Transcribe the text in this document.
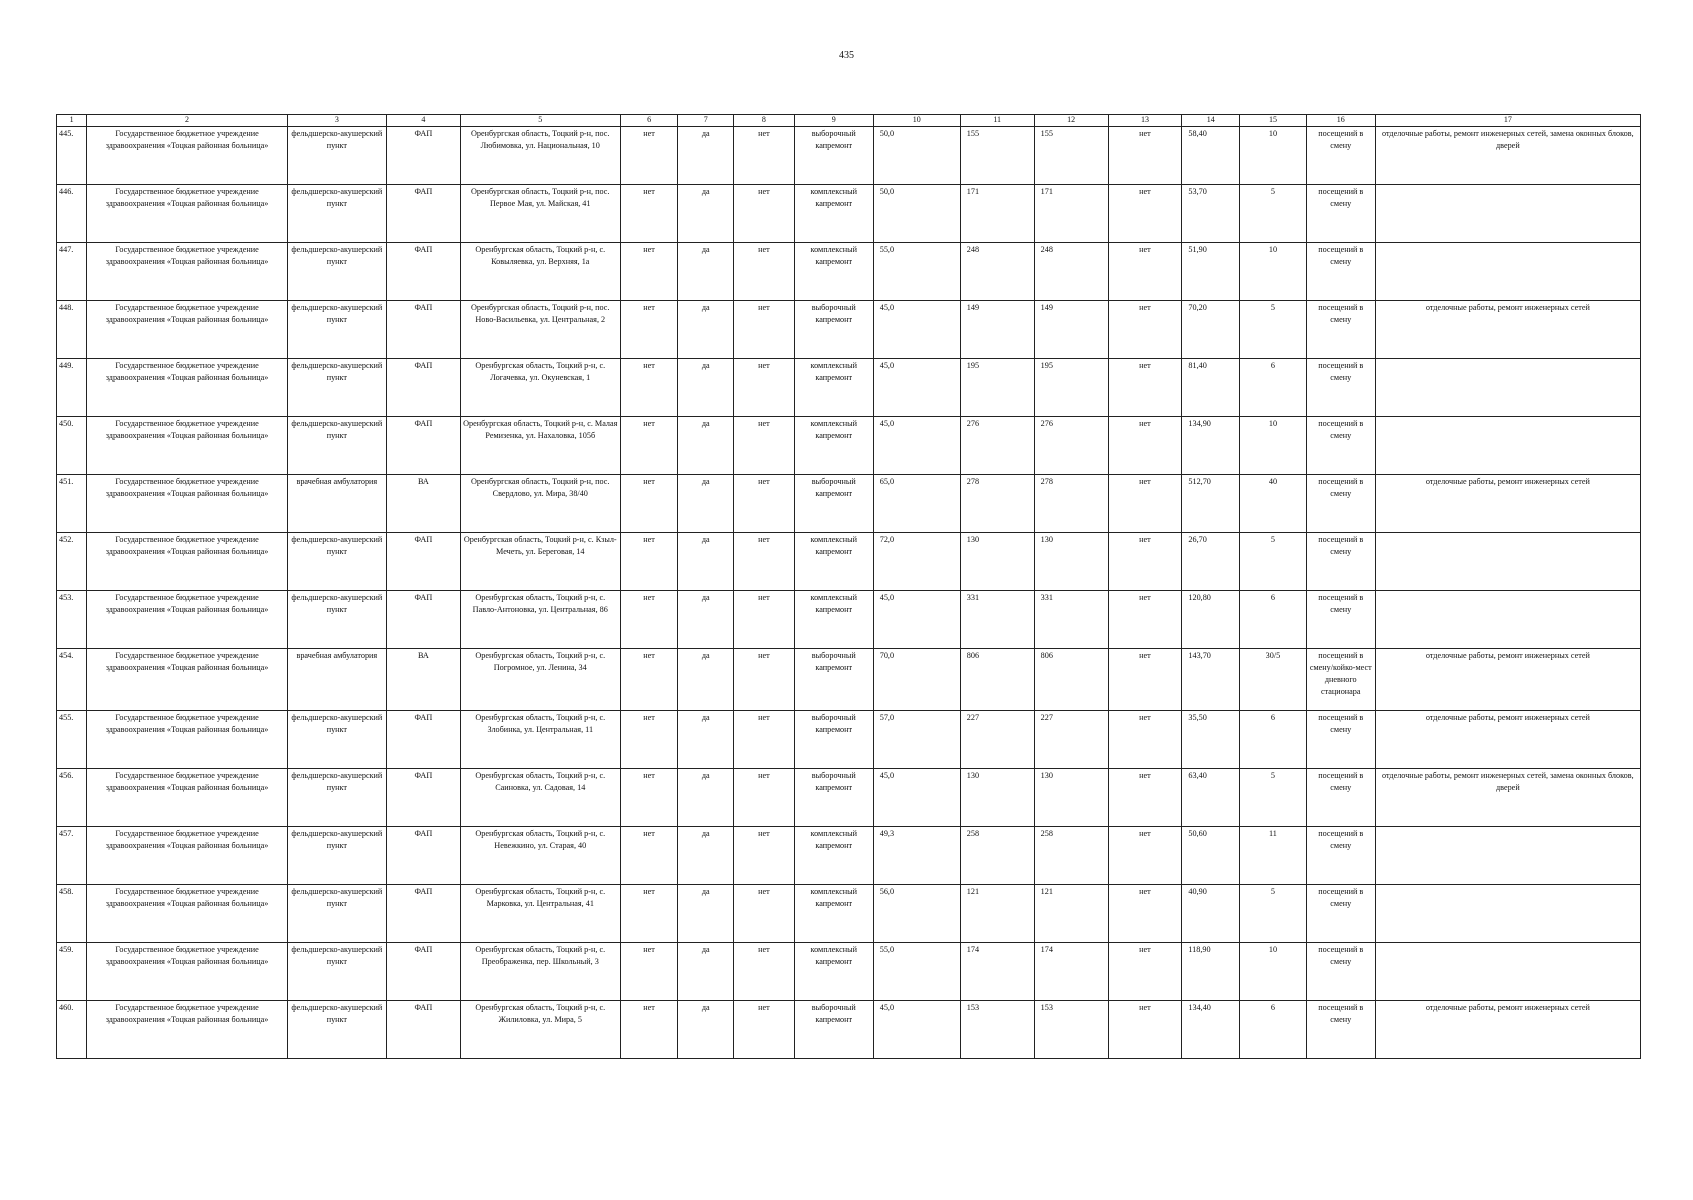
435
1	2	3	4	5	6	7	8	9	10	11	12	13	14	15	16	17
445.	Государственное бюджетное учреждение здравоохранения «Тоцкая районная больница»	фельдшерско-акушерский пункт	ФАП	Оренбургская область, Тоцкий р-н, пос. Любимовка, ул. Национальная, 10	нет	да	нет	выборочный капремонт	50,0	155	155	нет	58,40	10	посещений в смену	отделочные работы, ремонт инженерных сетей, замена оконных блоков, дверей
446.	Государственное бюджетное учреждение здравоохранения «Тоцкая районная больница»	фельдшерско-акушерский пункт	ФАП	Оренбургская область, Тоцкий р-н, пос. Первое Мая, ул. Майская, 41	нет	да	нет	комплексный капремонт	50,0	171	171	нет	53,70	5	посещений в смену	
447.	Государственное бюджетное учреждение здравоохранения «Тоцкая районная больница»	фельдшерско-акушерский пункт	ФАП	Оренбургская область, Тоцкий р-н, с. Ковыляевка, ул. Верхняя, 1а	нет	да	нет	комплексный капремонт	55,0	248	248	нет	51,90	10	посещений в смену	
448.	Государственное бюджетное учреждение здравоохранения «Тоцкая районная больница»	фельдшерско-акушерский пункт	ФАП	Оренбургская область, Тоцкий р-н, пос. Ново-Васильевка, ул. Центральная, 2	нет	да	нет	выборочный капремонт	45,0	149	149	нет	70,20	5	посещений в смену	отделочные работы, ремонт инженерных сетей
449.	Государственное бюджетное учреждение здравоохранения «Тоцкая районная больница»	фельдшерско-акушерский пункт	ФАП	Оренбургская область, Тоцкий р-н, с. Логачевка, ул. Окуневская, 1	нет	да	нет	комплексный капремонт	45,0	195	195	нет	81,40	6	посещений в смену	
450.	Государственное бюджетное учреждение здравоохранения «Тоцкая районная больница»	фельдшерско-акушерский пункт	ФАП	Оренбургская область, Тоцкий р-н, с. Малая Ремизенка, ул. Нахаловка, 105б	нет	да	нет	комплексный капремонт	45,0	276	276	нет	134,90	10	посещений в смену	
451.	Государственное бюджетное учреждение здравоохранения «Тоцкая районная больница»	врачебная амбулатория	ВА	Оренбургская область, Тоцкий р-н, пос. Свердлово, ул. Мира, 38/40	нет	да	нет	выборочный капремонт	65,0	278	278	нет	512,70	40	посещений в смену	отделочные работы, ремонт инженерных сетей
452.	Государственное бюджетное учреждение здравоохранения «Тоцкая районная больница»	фельдшерско-акушерский пункт	ФАП	Оренбургская область, Тоцкий р-н, с. Кзыл-Мечеть, ул. Береговая, 14	нет	да	нет	комплексный капремонт	72,0	130	130	нет	26,70	5	посещений в смену	
453.	Государственное бюджетное учреждение здравоохранения «Тоцкая районная больница»	фельдшерско-акушерский пункт	ФАП	Оренбургская область, Тоцкий р-н, с. Павло-Антоновка, ул. Центральная, 86	нет	да	нет	комплексный капремонт	45,0	331	331	нет	120,80	6	посещений в смену	
454.	Государственное бюджетное учреждение здравоохранения «Тоцкая районная больница»	врачебная амбулатория	ВА	Оренбургская область, Тоцкий р-н, с. Погромное, ул. Ленина, 34	нет	да	нет	выборочный капремонт	70,0	806	806	нет	143,70	30/5	посещений в смену/койко-мест дневного стационара	отделочные работы, ремонт инженерных сетей
455.	Государственное бюджетное учреждение здравоохранения «Тоцкая районная больница»	фельдшерско-акушерский пункт	ФАП	Оренбургская область, Тоцкий р-н, с. Злобинка, ул. Центральная, 11	нет	да	нет	выборочный капремонт	57,0	227	227	нет	35,50	6	посещений в смену	отделочные работы, ремонт инженерных сетей
456.	Государственное бюджетное учреждение здравоохранения «Тоцкая районная больница»	фельдшерско-акушерский пункт	ФАП	Оренбургская область, Тоцкий р-н, с. Саиновка, ул. Садовая, 14	нет	да	нет	выборочный капремонт	45,0	130	130	нет	63,40	5	посещений в смену	отделочные работы, ремонт инженерных сетей, замена оконных блоков, дверей
457.	Государственное бюджетное учреждение здравоохранения «Тоцкая районная больница»	фельдшерско-акушерский пункт	ФАП	Оренбургская область, Тоцкий р-н, с. Невежкино, ул. Старая, 40	нет	да	нет	комплексный капремонт	49,3	258	258	нет	50,60	11	посещений в смену	
458.	Государственное бюджетное учреждение здравоохранения «Тоцкая районная больница»	фельдшерско-акушерский пункт	ФАП	Оренбургская область, Тоцкий р-н, с. Марковка, ул. Центральная, 41	нет	да	нет	комплексный капремонт	56,0	121	121	нет	40,90	5	посещений в смену	
459.	Государственное бюджетное учреждение здравоохранения «Тоцкая районная больница»	фельдшерско-акушерский пункт	ФАП	Оренбургская область, Тоцкий р-н, с. Преображенка, пер. Школьный, 3	нет	да	нет	комплексный капремонт	55,0	174	174	нет	118,90	10	посещений в смену	
460.	Государственное бюджетное учреждение здравоохранения «Тоцкая районная больница»	фельдшерско-акушерский пункт	ФАП	Оренбургская область, Тоцкий р-н, с. Жилиловка, ул. Мира, 5	нет	да	нет	выборочный капремонт	45,0	153	153	нет	134,40	6	посещений в смену	отделочные работы, ремонт инженерных сетей
